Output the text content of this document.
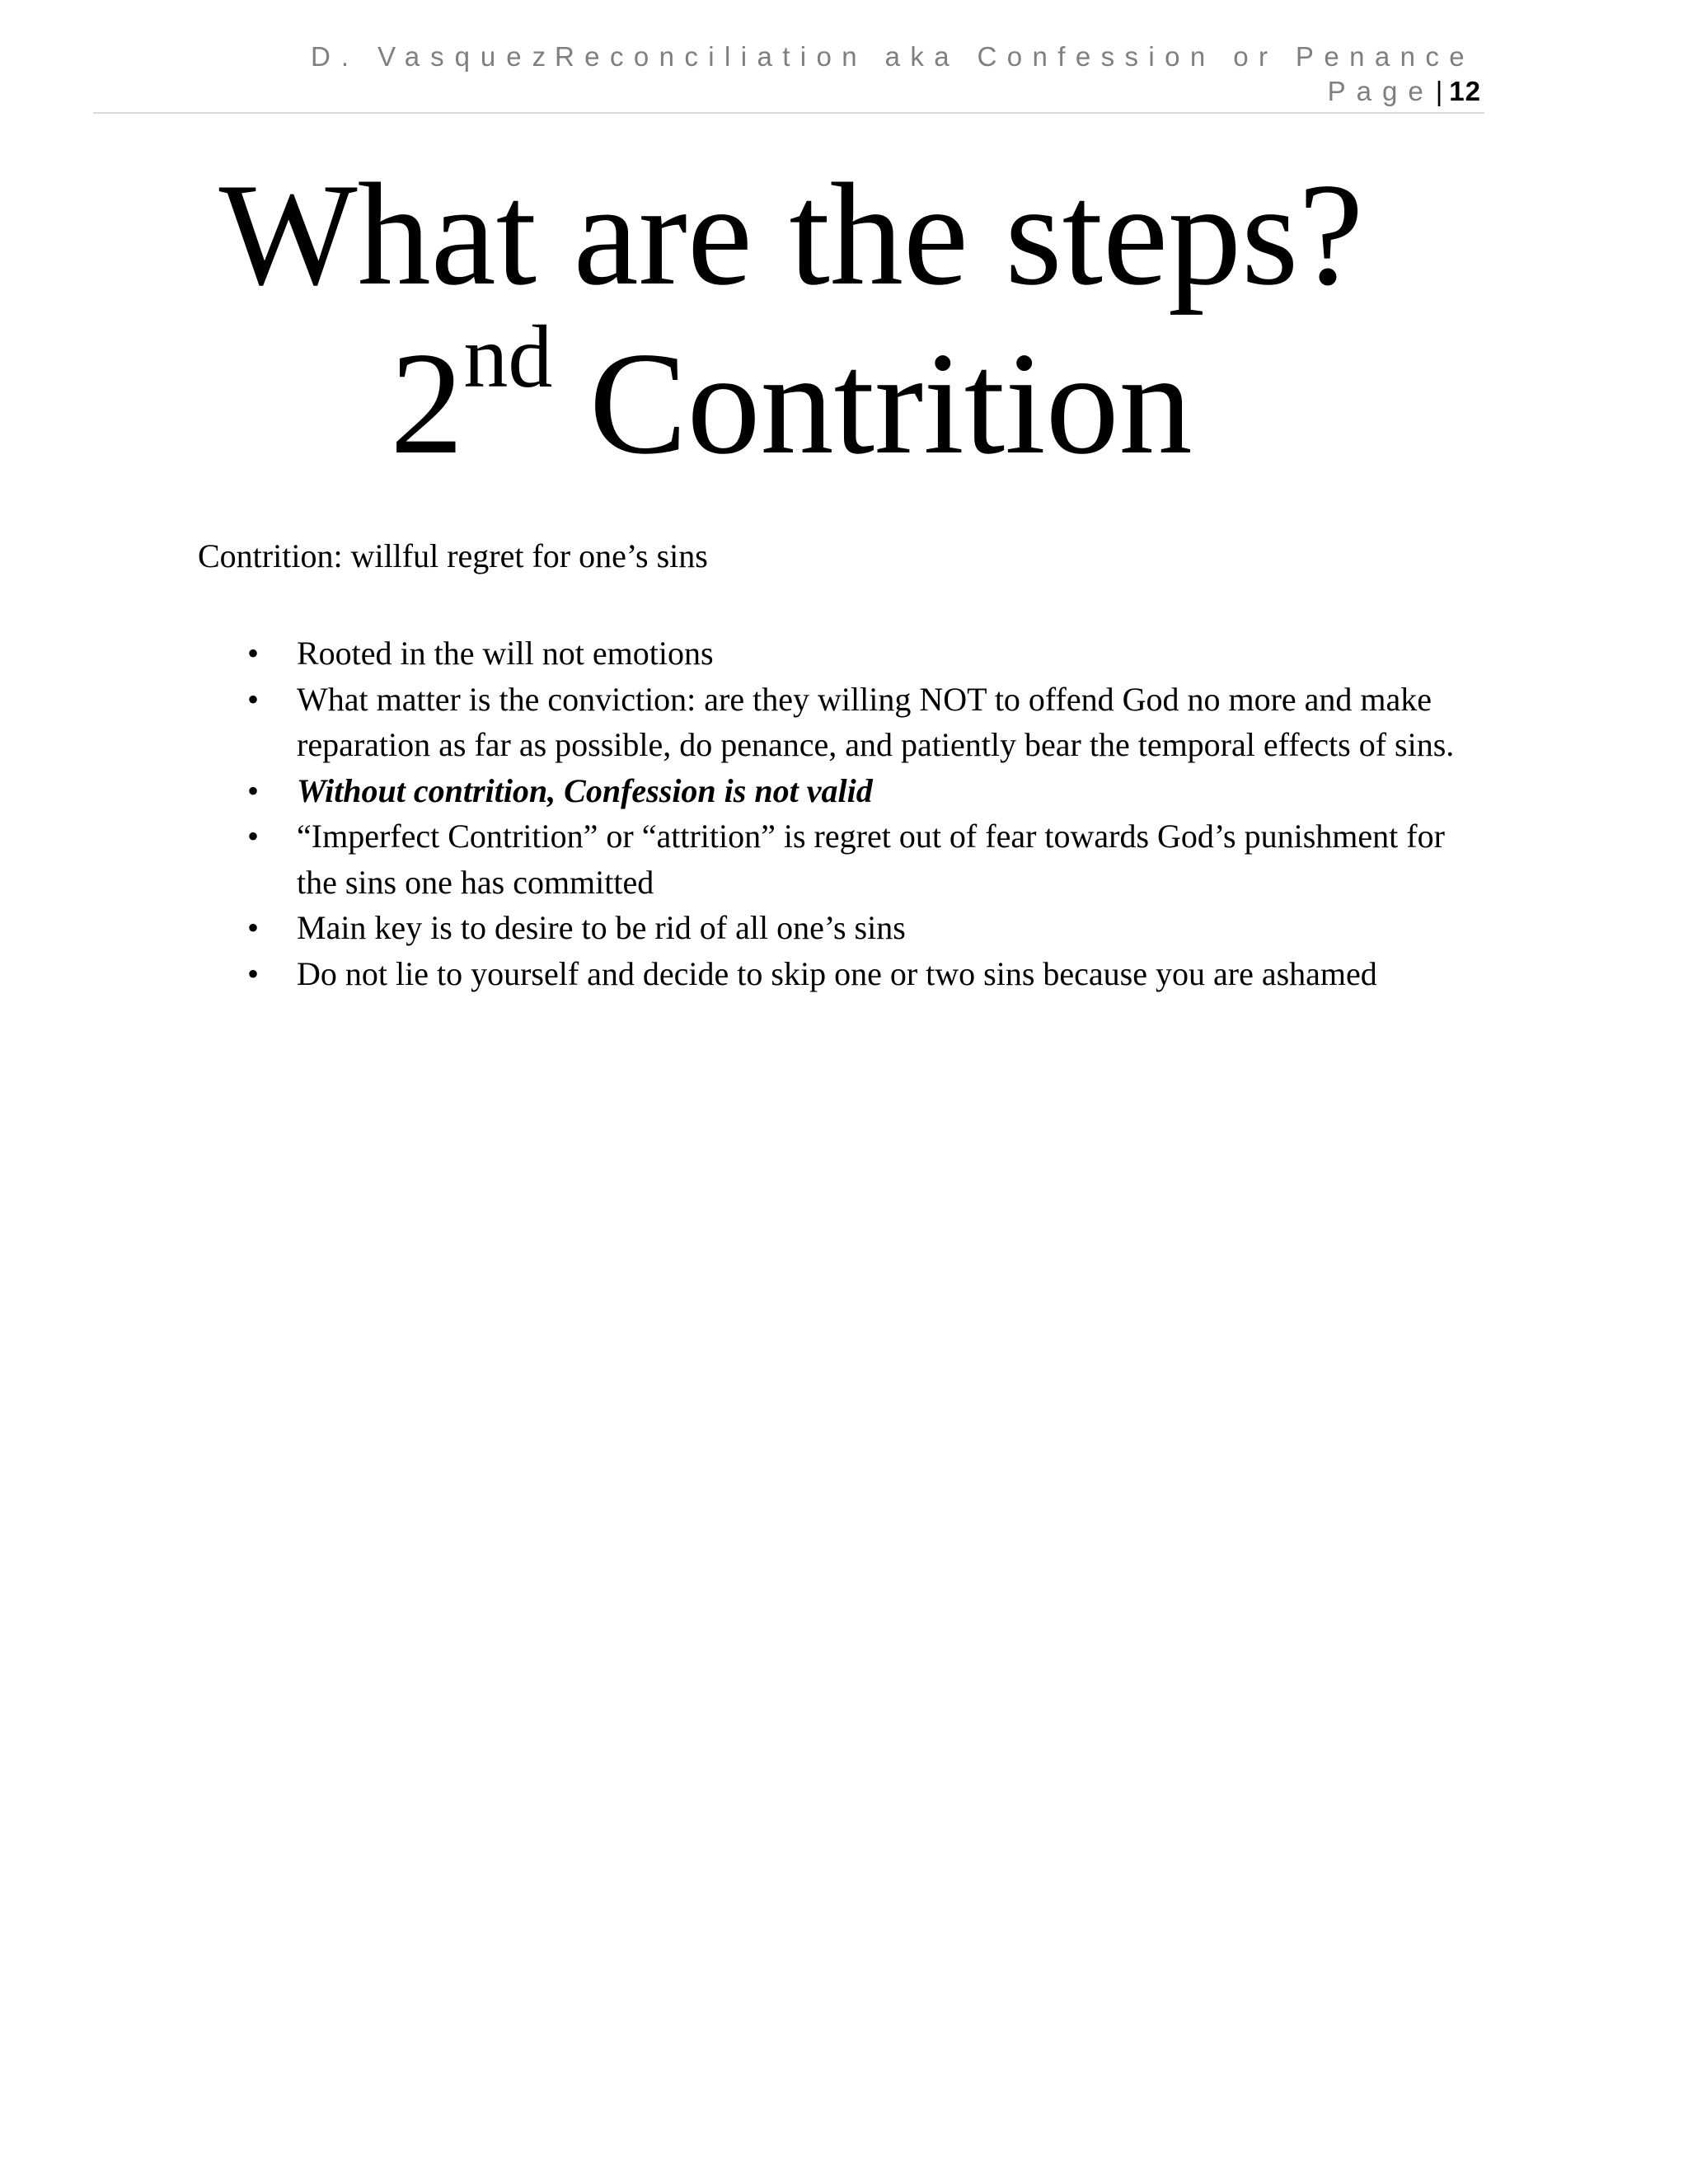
D. Vasquez
Reconciliation aka Confession or Penance
Page| 12
What are the steps?
2nd Contrition

Contrition: willful regret for one’s sins

•	Rooted in the will not emotions
•	What matter is the conviction: are they willing NOT to offend God no more and make reparation as far as possible, do penance, and patiently bear the temporal effects of sins.
•	Without contrition, Confession is not valid
•	“Imperfect Contrition” or “attrition” is regret out of fear towards God’s punishment for the sins one has committed
•	Main key is to desire to be rid of all one’s sins
•	Do not lie to yourself and decide to skip one or two sins because you are ashamed
